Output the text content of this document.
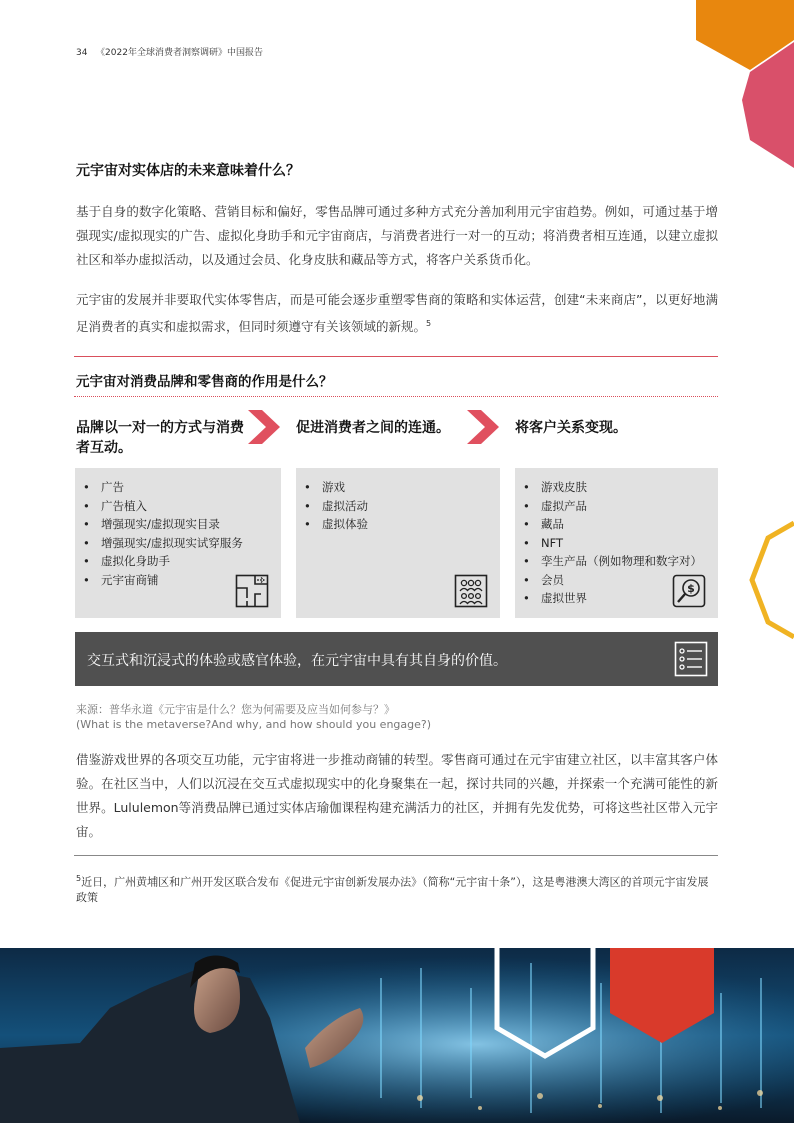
34 《2022年全球消费者洞察调研》中国报告
元宇宙对实体店的未来意味着什么？
基于自身的数字化策略、营销目标和偏好，零售品牌可通过多种方式充分善加利用元宇宙趋势。例如，可通过基于增强现实/虚拟现实的广告、虚拟化身助手和元宇宙商店，与消费者进行一对一的互动；将消费者相互连通，以建立虚拟社区和举办虚拟活动，以及通过会员、化身皮肤和藏品等方式，将客户关系货币化。
元宇宙的发展并非要取代实体零售店，而是可能会逐步重塑零售商的策略和实体运营，创建“未来商店”，以更好地满足消费者的真实和虚拟需求，但同时须遵守有关该领域的新规。$^5$
元宇宙对消费品牌和零售商的作用是什么？
品牌以一对一的方式与消费者互动。
促进消费者之间的连通。	将客户关系变现。
• 广告
• 广告植入
• 增强现实/虚拟现实目录
• 增强现实/虚拟现实试穿服务
• 虚拟化身助手
• 元宇宙商铺
• 游戏
• 虚拟活动
• 虚拟体验
• 游戏皮肤
• 虚拟产品
• 藏品
• NFT
• 孪生产品（例如物理和数字对）
• 会员
• 虚拟世界
$
交互式和沉浸式的体验或感官体验，在元宇宙中具有其自身的价值。
来源：普华永道《元宇宙是什么？您为何需要及应当如何参与？》
(What is the metaverse?And why, and how should you engage?)
借鉴游戏世界的各项交互功能，元宇宙将进一步推动商铺的转型。零售商可通过在元宇宙建立社区，以丰富其客户体验。在社区当中，人们以沉浸在交互式虚拟现实中的化身聚集在一起，探讨共同的兴趣，并探索一个充满可能性的新世界。Lululemon等消费品牌已通过实体店瑜伽课程构建充满活力的社区，并拥有先发优势，可将这些社区带入元宇宙。
$^5$近日，广州黄埔区和广州开发区联合发布《促进元宇宙创新发展办法》（简称“元宇宙十条”），这是粤港澳大湾区的首项元宇宙发展政策
